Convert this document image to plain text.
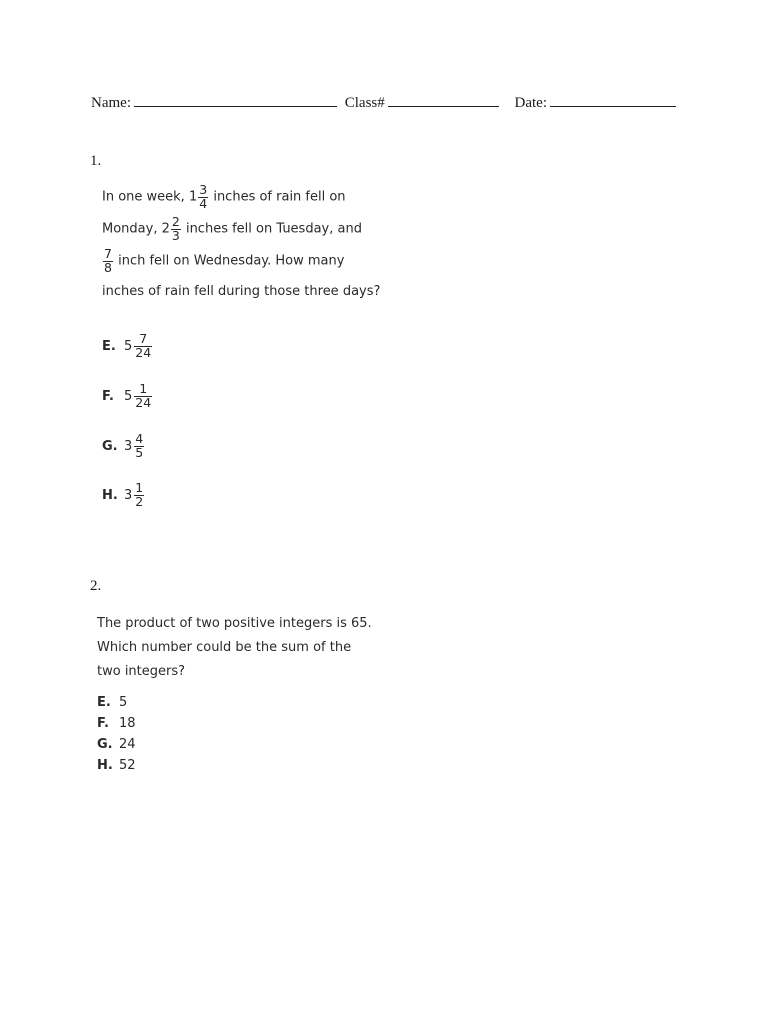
Name:	Class#	Date:
1.
In one week, $1 \frac{3}{4}$ inches of rain fell on
Monday, $2 \frac{2}{3}$ inches fell on Tuesday, and
$\frac{7}{8}$ inch fell on Wednesday. How many
inches of rain fell during those three days?
E. $5 \frac{7}{24}$
F. $5 \frac{1}{24}$
G. $3 \frac{4}{5}$
H. $3 \frac{1}{2}$
2.
The product of two positive integers is 65.
Which number could be the sum of the
two integers?
E. 5
F. 18
G. 24
H. 52
